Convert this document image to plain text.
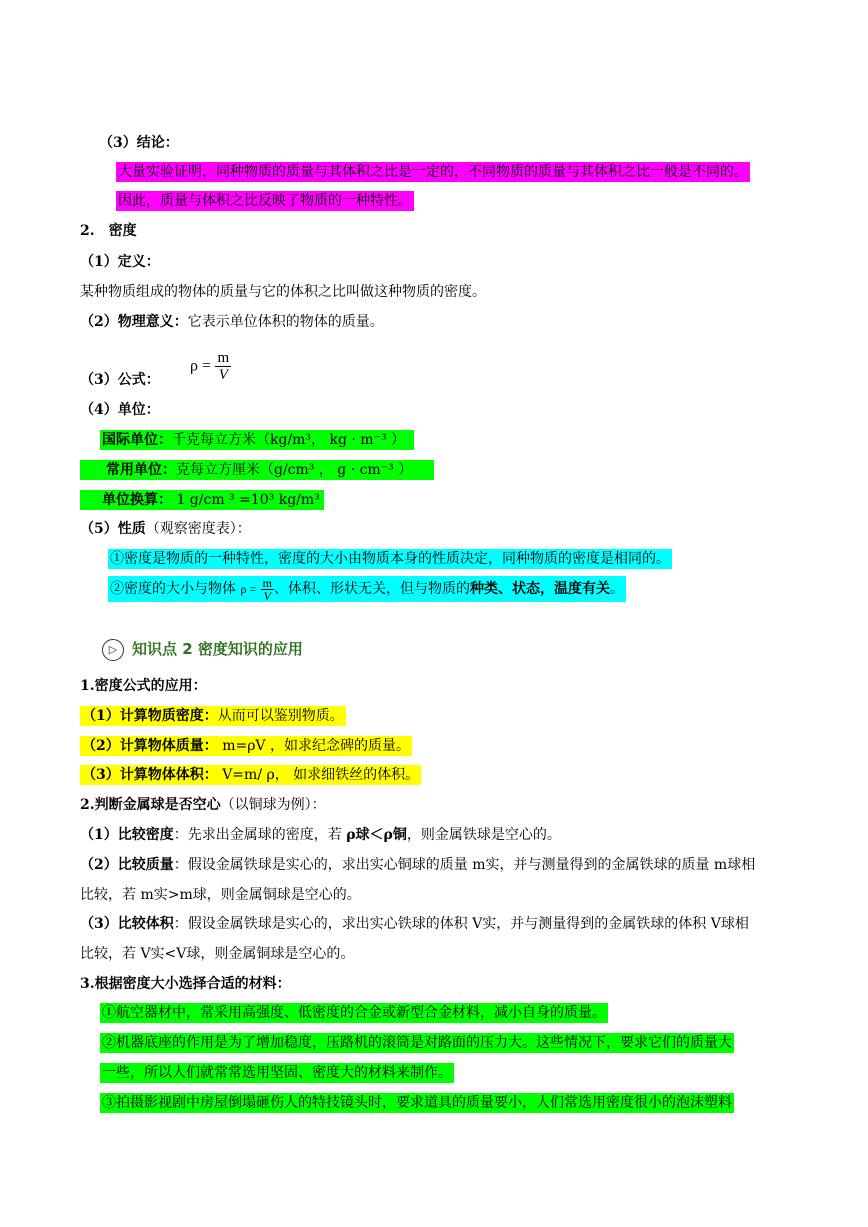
（3）结论：
大量实验证明，同种物质的质量与其体积之比是一定的，不同物质的质量与其体积之比一般是不同的。
因此，质量与体积之比反映了物质的一种特性。
2.　密度
（1）定义：
某种物质组成的物体的质量与它的体积之比叫做这种物质的密度。
（2）物理意义：它表示单位体积的物体的质量。
（3）公式：
$\rho = \frac{m}{V}$
（4）单位：
国际单位：千克每立方米（kg/m³， kg · m⁻³ ）
常用单位：克每立方厘米（g/cm³ ， g · cm⁻³ ）
单位换算： 1 g/cm ³ =10³ kg/m³
（5）性质（观察密度表）：
①密度是物质的一种特性，密度的大小由物质本身的性质决定，同种物质的密度是相同的。
②密度的大小与物体 $\rho = \frac{m}{V}$ 、体积、形状无关，但与物质的种类、状态，温度有关。
▷ 知识点 2 密度知识的应用
1.密度公式的应用：
（1）计算物质密度：从而可以鉴别物质。
（2）计算物体质量： m=ρV ，如求纪念碑的质量。
（3）计算物体体积： V=m/ ρ， 如求细铁丝的体积。
2.判断金属球是否空心（以铜球为例）：
（1）比较密度：先求出金属球的密度，若 ρ球＜ρ铜，则金属铁球是空心的。
（2）比较质量：假设金属铁球是实心的，求出实心铜球的质量 m实，并与测量得到的金属铁球的质量 m球相
比较，若 m实>m球，则金属铜球是空心的。
（3）比较体积：假设金属铁球是实心的，求出实心铁球的体积 V实，并与测量得到的金属铁球的体积 V球相
比较，若 V实<V球，则金属铜球是空心的。
3.根据密度大小选择合适的材料：
①航空器材中，常采用高强度、低密度的合金或新型合金材料，减小自身的质量。
②机器底座的作用是为了增加稳度，压路机的滚筒是对路面的压力大。这些情况下，要求它们的质量大
一些，所以人们就常常选用坚固、密度大的材料来制作。
③拍摄影视剧中房屋倒塌砸伤人的特技镜头时，要求道具的质量要小，人们常选用密度很小的泡沫塑料
